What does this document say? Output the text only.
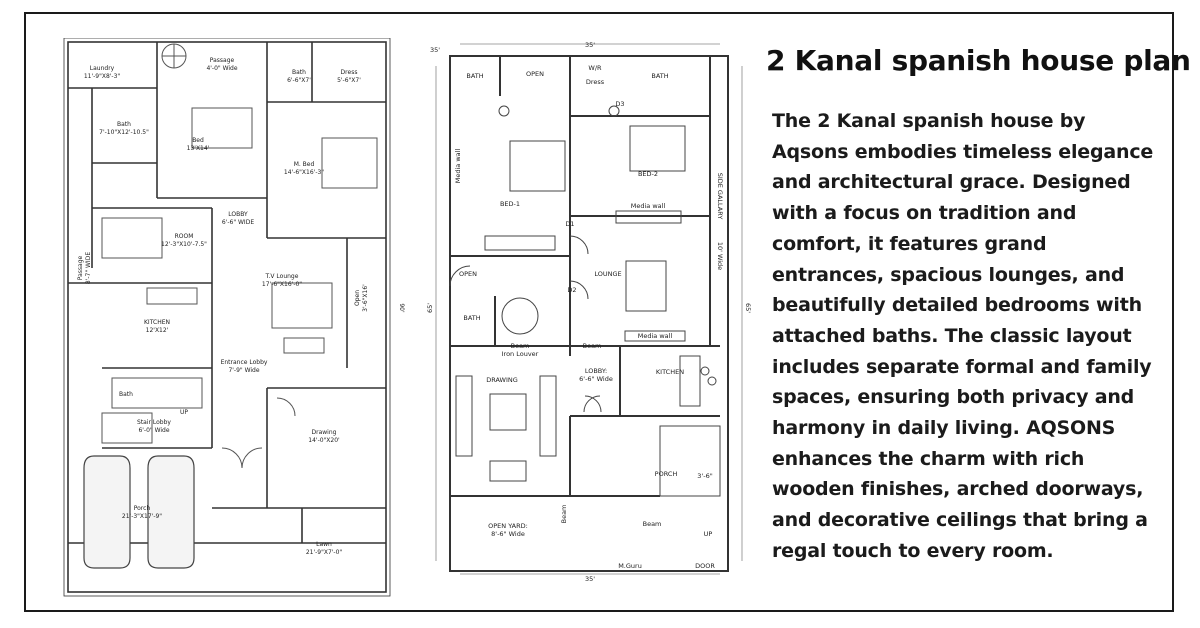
Laundry
11'-9"X8'-3"
Passage
4'-0" Wide
Bath
6'-6"X7'
Dress
5'-6"X7'
Bath
7'-10"X12'-10.5"
Bed
13'X14'
M. Bed
14'-6"X16'-3"
LOBBY
6'-6" WIDE
ROOM
12'-3"X10'-7.5"
Passage 8'-7" WIDE	T.V Lounge
17'-6"X16'-0"
Open 3'-6"X16'
KITCHEN
12'X12'
Entrance Lobby
7'-9" Wide
Stair Lobby
6'-0" Wide	Drawing
14'-0"X20'
Porch
21'-3"X17'-9"
Lawn
21'-9"X7'-0"
Bath
UP
90'
35'
35'
35'
65'	65'
BATH	OPEN
W/R
Dress
BATH
BED-1
BED-2	SIDE GALLARY
10' Wide
OPEN	LOUNGE
Media wall
Media wall
Media wall
BATH
Beam
Iron Louver
Beam
DRAWING
LOBBY:
6'-6" Wide
KITCHEN
PORCH	3'-6"
OPEN YARD:
8'-6" Wide
Beam
Beam
UP
M.Guru	DOOR
D1
D2
D3
2 Kanal spanish house plan
The 2 Kanal spanish house by Aqsons embodies timeless elegance and architectural grace. Designed with a focus on tradition and comfort, it features grand entrances, spacious lounges, and beautifully detailed bedrooms with attached baths. The classic layout includes separate formal and family spaces, ensuring both privacy and harmony in daily living. AQSONS enhances the charm with rich wooden finishes, arched doorways, and decorative ceilings that bring a regal touch to every room.
